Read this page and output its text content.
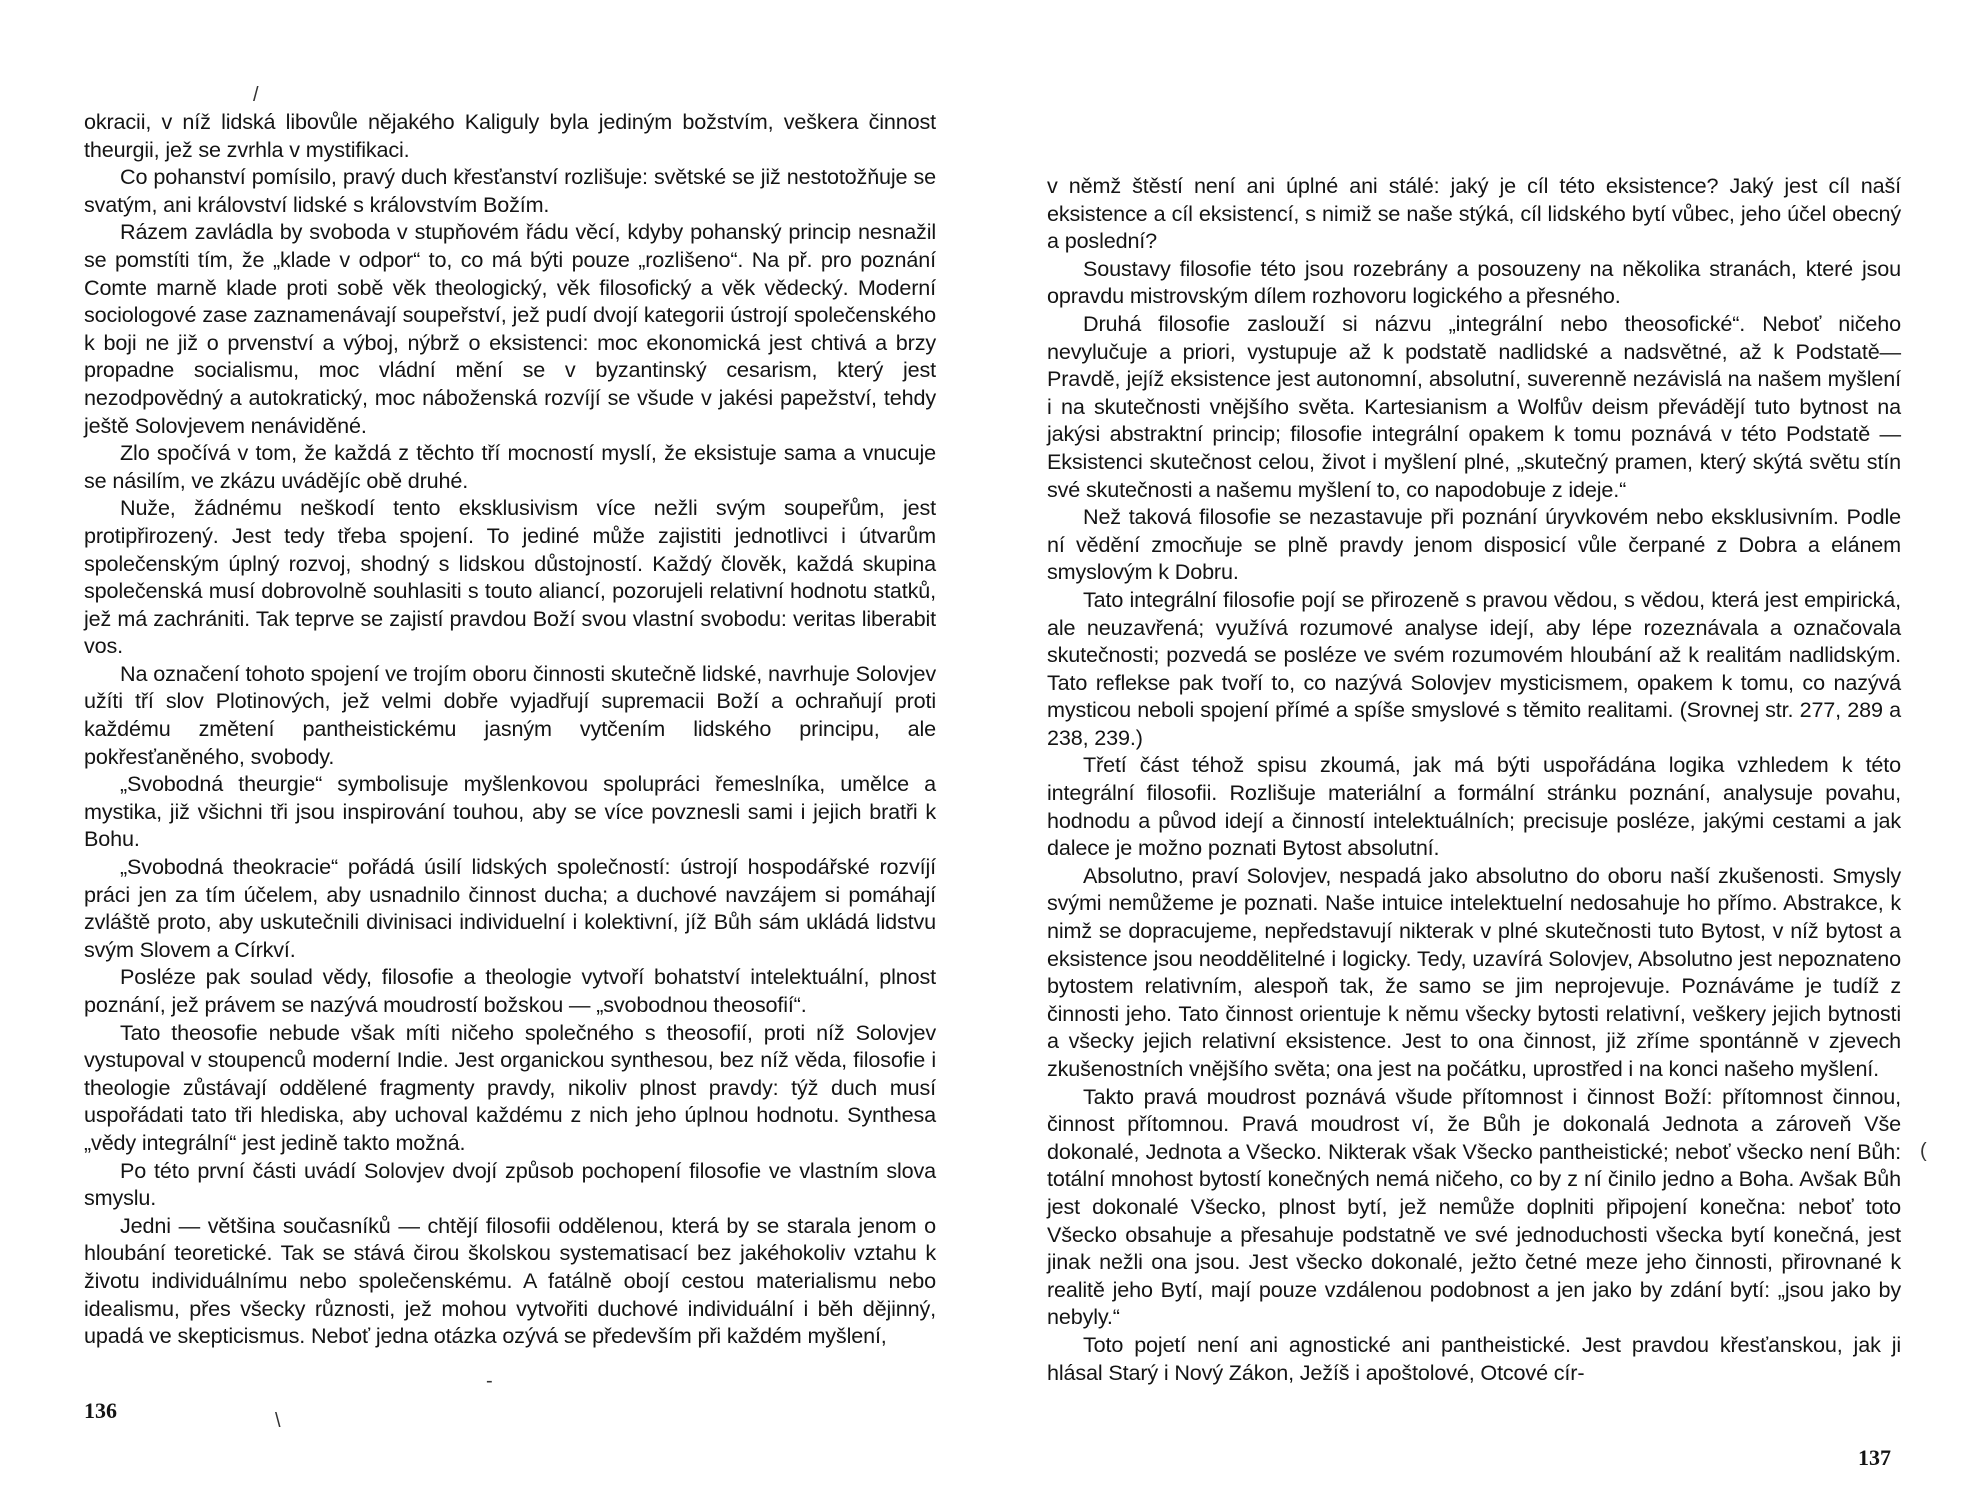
okracii, v níž lidská libovůle nějakého Kaliguly byla jediným božstvím, veškera činnost theurgii, jež se zvrhla v mystifikaci.

Co pohanství pomísilo, pravý duch křesťanství rozlišuje: světské se již nestotožňuje se svatým, ani království lidské s královstvím Božím.

Rázem zavládla by svoboda v stupňovém řádu věcí, kdyby pohanský princip nesnažil se pomstíti tím, že „klade v odpor“ to, co má býti pouze „rozlišeno“. Na př. pro poznání Comte marně klade proti sobě věk theologický, věk filosofický a věk vědecký. Moderní sociologové zase zaznamenávají soupeřství, jež pudí dvojí kategorii ústrojí společenského k boji ne již o prvenství a výboj, nýbrž o eksistenci: moc ekonomická jest chtivá a brzy propadne socialismu, moc vládní mění se v byzantinský cesarism, který jest nezodpovědný a autokratický, moc náboženská rozvíjí se všude v jakési papežství, tehdy ještě Solovjevem nenáviděné.

Zlo spočívá v tom, že každá z těchto tří mocností myslí, že eksistuje sama a vnucuje se násilím, ve zkázu uvádějíc obě druhé.

Nuže, žádnému neškodí tento eksklusivism více nežli svým soupeřům, jest protipřirozený. Jest tedy třeba spojení. To jediné může zajistiti jednotlivci i útvarům společenským úplný rozvoj, shodný s lidskou důstojností. Každý člověk, každá skupina společenská musí dobrovolně souhlasiti s touto aliancí, pozorujeli relativní hodnotu statků, jež má zachrániti. Tak teprve se zajistí pravdou Boží svou vlastní svobodu: veritas liberabit vos.

Na označení tohoto spojení ve trojím oboru činnosti skutečně lidské, navrhuje Solovjev užíti tří slov Plotinových, jež velmi dobře vyjadřují supremacii Boží a ochraňují proti každému změtení pantheistickému jasným vytčením lidského principu, ale pokřesťaněného, svobody.

„Svobodná theurgie“ symbolisuje myšlenkovou spolupráci řemeslníka, umělce a mystika, již všichni tři jsou inspirování touhou, aby se více povznesli sami i jejich bratři k Bohu.

„Svobodná theokracie“ pořádá úsilí lidských společností: ústrojí hospodářské rozvíjí práci jen za tím účelem, aby usnadnilo činnost ducha; a duchové navzájem si pomáhají zvláště proto, aby uskutečnili divinisaci individuelní i kolektivní, jíž Bůh sám ukládá lidstvu svým Slovem a Církví.

Posléze pak soulad vědy, filosofie a theologie vytvoří bohatství intelektuální, plnost poznání, jež právem se nazývá moudrostí božskou — „svobodnou theosofií“.

Tato theosofie nebude však míti ničeho společného s theosofií, proti níž Solovjev vystupoval v stoupenců moderní Indie. Jest organickou synthesou, bez níž věda, filosofie i theologie zůstávají oddělené fragmenty pravdy, nikoliv plnost pravdy: týž duch musí uspořádati tato tři hlediska, aby uchoval každému z nich jeho úplnou hodnotu. Synthesa „vědy integrální“ jest jedině takto možná.

Po této první části uvádí Solovjev dvojí způsob pochopení filosofie ve vlastním slova smyslu.

Jedni — většina současníků — chtějí filosofii oddělenou, která by se starala jenom o hloubání teoretické. Tak se stává čirou školskou systematisací bez jakéhokoliv vztahu k životu individuálnímu nebo společenskému. A fatálně obojí cestou materialismu nebo idealismu, přes všecky různosti, jež mohou vytvořiti duchové individuální i běh dějinný, upadá ve skepticismus. Neboť jedna otázka ozývá se především při každém myšlení,

136

v němž štěstí není ani úplné ani stálé: jaký je cíl této eksistence? Jaký jest cíl naší eksistence a cíl eksistencí, s nimiž se naše stýká, cíl lidského bytí vůbec, jeho účel obecný a poslední?

Soustavy filosofie této jsou rozebrány a posouzeny na několika stranách, které jsou opravdu mistrovským dílem rozhovoru logického a přesného.

Druhá filosofie zaslouží si názvu „integrální nebo theosofické“. Neboť ničeho nevylučuje a priori, vystupuje až k podstatě nadlidské a nadsvětné, až k Podstatě—Pravdě, jejíž eksistence jest autonomní, absolutní, suverenně nezávislá na našem myšlení i na skutečnosti vnějšího světa. Kartesianism a Wolfův deism převádějí tuto bytnost na jakýsi abstraktní princip; filosofie integrální opakem k tomu poznává v této Podstatě — Eksistenci skutečnost celou, život i myšlení plné, „skutečný pramen, který skýtá světu stín své skutečnosti a našemu myšlení to, co napodobuje z ideje.“

Než taková filosofie se nezastavuje při poznání úryvkovém nebo eksklusivním. Podle ní vědění zmocňuje se plně pravdy jenom disposicí vůle čerpané z Dobra a elánem smyslovým k Dobru.

Tato integrální filosofie pojí se přirozeně s pravou vědou, s vědou, která jest empirická, ale neuzavřená; využívá rozumové analyse idejí, aby lépe rozeznávala a označovala skutečnosti; pozvedá se posléze ve svém rozumovém hloubání až k realitám nadlidským. Tato reflekse pak tvoří to, co nazývá Solovjev mysticismem, opakem k tomu, co nazývá mysticou neboli spojení přímé a spíše smyslové s těmito realitami. (Srovnej str. 277, 289 a 238, 239.)

Třetí část téhož spisu zkoumá, jak má býti uspořádána logika vzhledem k této integrální filosofii. Rozlišuje materiální a formální stránku poznání, analysuje povahu, hodnodu a původ idejí a činností intelektuálních; precisuje posléze, jakými cestami a jak dalece je možno poznati Bytost absolutní.

Absolutno, praví Solovjev, nespadá jako absolutno do oboru naší zkušenosti. Smysly svými nemůžeme je poznati. Naše intuice intelektuelní nedosahuje ho přímo. Abstrakce, k nimž se dopracujeme, nepředstavují nikterak v plné skutečnosti tuto Bytost, v níž bytost a eksistence jsou neoddělitelné i logicky. Tedy, uzavírá Solovjev, Absolutno jest nepoznateno bytostem relativním, alespoň tak, že samo se jim neprojevuje. Poznáváme je tudíž z činnosti jeho. Tato činnost orientuje k němu všecky bytosti relativní, veškery jejich bytnosti a všecky jejich relativní eksistence. Jest to ona činnost, již zříme spontánně v zjevech zkušenostních vnějšího světa; ona jest na počátku, uprostřed i na konci našeho myšlení.

Takto pravá moudrost poznává všude přítomnost i činnost Boží: přítomnost činnou, činnost přítomnou. Pravá moudrost ví, že Bůh je dokonalá Jednota a zároveň Vše dokonalé, Jednota a Všecko. Nikterak však Všecko pantheistické; neboť všecko není Bůh: totální mnohost bytostí konečných nemá ničeho, co by z ní činilo jedno a Boha. Avšak Bůh jest dokonalé Všecko, plnost bytí, jež nemůže doplniti připojení konečna: neboť toto Všecko obsahuje a přesahuje podstatně ve své jednoduchosti všecka bytí konečná, jest jinak nežli ona jsou. Jest všecko dokonalé, ježto četné meze jeho činnosti, přirovnané k realitě jeho Bytí, mají pouze vzdálenou podobnost a jen jako by zdání bytí: „jsou jako by nebyly.“

Toto pojetí není ani agnostické ani pantheistické. Jest pravdou křesťanskou, jak ji hlásal Starý i Nový Zákon, Ježíš i apoštolové, Otcové cír-

137
/
\
(
-
